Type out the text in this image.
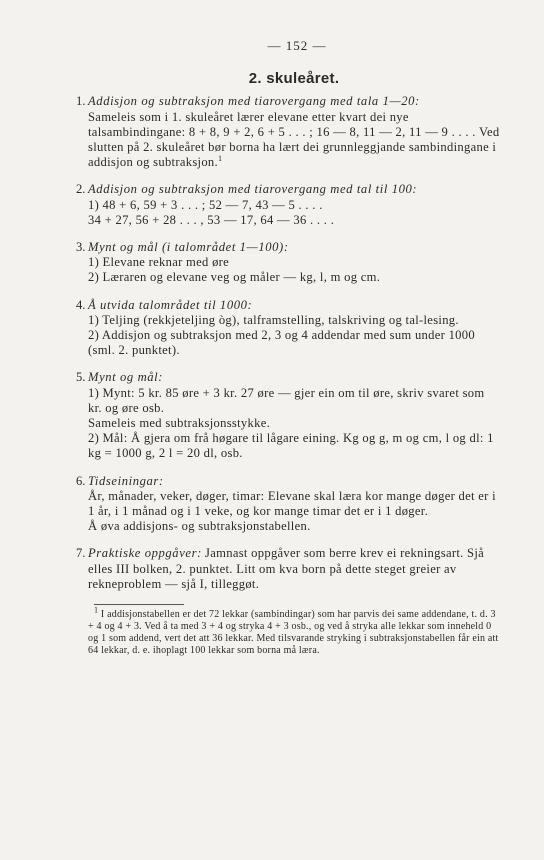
— 152 —
2. skuleåret.
1. Addisjon og subtraksjon med tiarovergang med tala 1—20:
Sameleis som i 1. skuleåret lærer elevane etter kvart dei nye talsambindingane: 8 + 8, 9 + 2, 6 + 5 . . . ; 16 — 8, 11 — 2, 11 — 9 . . . . Ved slutten på 2. skuleåret bør borna ha lært dei grunnleggjande sambindingane i addisjon og subtraksjon.$^1$
2. Addisjon og subtraksjon med tiarovergang med tal til 100:
1) 48 + 6, 59 + 3 . . . ; 52 — 7, 43 — 5 . . . .
34 + 27, 56 + 28 . . . , 53 — 17, 64 — 36 . . . .
3. Mynt og mål (i talområdet 1—100):
1) Elevane reknar med øre
2) Læraren og elevane veg og måler — kg, l, m og cm.
4. Å utvida talområdet til 1000:
1) Teljing (rekkjeteljing òg), talframstelling, talskriving og tal-lesing.
2) Addisjon og subtraksjon med 2, 3 og 4 addendar med sum under 1000 (sml. 2. punktet).
5. Mynt og mål:
1) Mynt: 5 kr. 85 øre + 3 kr. 27 øre — gjer ein om til øre, skriv svaret som kr. og øre osb.
Sameleis med subtraksjonsstykke.
2) Mål: Å gjera om frå høgare til lågare eining. Kg og g, m og cm, l og dl: 1 kg = 1000 g, 2 l = 20 dl, osb.
6. Tidseiningar:
År, månader, veker, døger, timar: Elevane skal læra kor mange døger det er i 1 år, i 1 månad og i 1 veke, og kor mange timar det er i 1 døger.
Å øva addisjons- og subtraksjonstabellen.
7. Praktiske oppgåver: Jamnast oppgåver som berre krev ei rekningsart. Sjå elles III bolken, 2. punktet. Litt om kva born på dette steget greier av rekneproblem — sjå I, tilleggøt.
$^1$ I addisjonstabellen er det 72 lekkar (sambindingar) som har parvis dei same addendane, t. d. 3 + 4 og 4 + 3. Ved å ta med 3 + 4 og stryka 4 + 3 osb., og ved å stryka alle lekkar som inneheld 0 og 1 som addend, vert det att 36 lekkar. Med tilsvarande stryking i subtraksjonstabellen får ein att 64 lekkar, d. e. ihoplagt 100 lekkar som borna må læra.
